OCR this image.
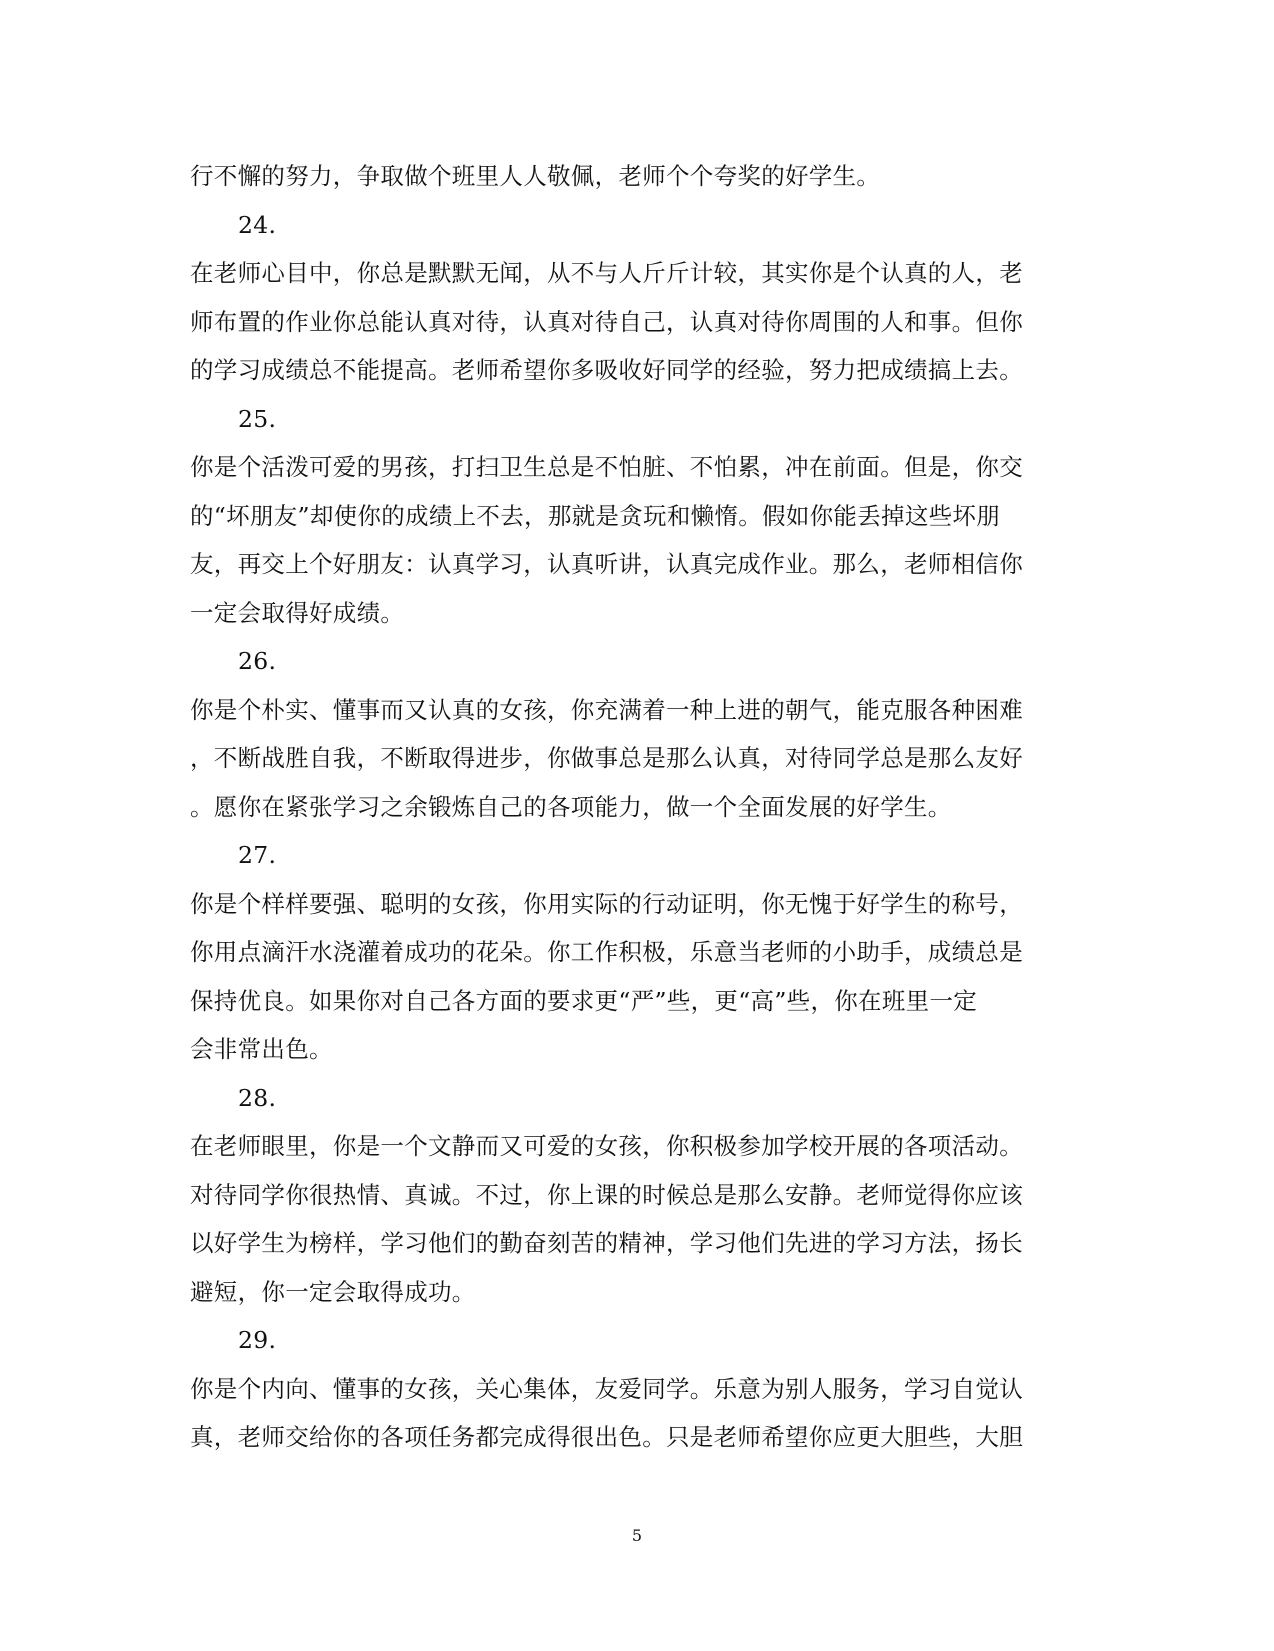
行不懈的努力，争取做个班里人人敬佩，老师个个夸奖的好学生。
24.
在老师心目中，你总是默默无闻，从不与人斤斤计较，其实你是个认真的人，老
师布置的作业你总能认真对待，认真对待自己，认真对待你周围的人和事。但你
的学习成绩总不能提高。老师希望你多吸收好同学的经验，努力把成绩搞上去。
25.
你是个活泼可爱的男孩，打扫卫生总是不怕脏、不怕累，冲在前面。但是，你交
的“坏朋友”却使你的成绩上不去，那就是贪玩和懒惰。假如你能丢掉这些坏朋
友，再交上个好朋友：认真学习，认真听讲，认真完成作业。那么，老师相信你
一定会取得好成绩。
26.
你是个朴实、懂事而又认真的女孩，你充满着一种上进的朝气，能克服各种困难
，不断战胜自我，不断取得进步，你做事总是那么认真，对待同学总是那么友好
。愿你在紧张学习之余锻炼自己的各项能力，做一个全面发展的好学生。
27.
你是个样样要强、聪明的女孩，你用实际的行动证明，你无愧于好学生的称号，
你用点滴汗水浇灌着成功的花朵。你工作积极，乐意当老师的小助手，成绩总是
保持优良。如果你对自己各方面的要求更“严”些，更“高”些，你在班里一定
会非常出色。
28.
在老师眼里，你是一个文静而又可爱的女孩，你积极参加学校开展的各项活动。
对待同学你很热情、真诚。不过，你上课的时候总是那么安静。老师觉得你应该
以好学生为榜样，学习他们的勤奋刻苦的精神，学习他们先进的学习方法，扬长
避短，你一定会取得成功。
29.
你是个内向、懂事的女孩，关心集体，友爱同学。乐意为别人服务，学习自觉认
真，老师交给你的各项任务都完成得很出色。只是老师希望你应更大胆些，大胆
5
